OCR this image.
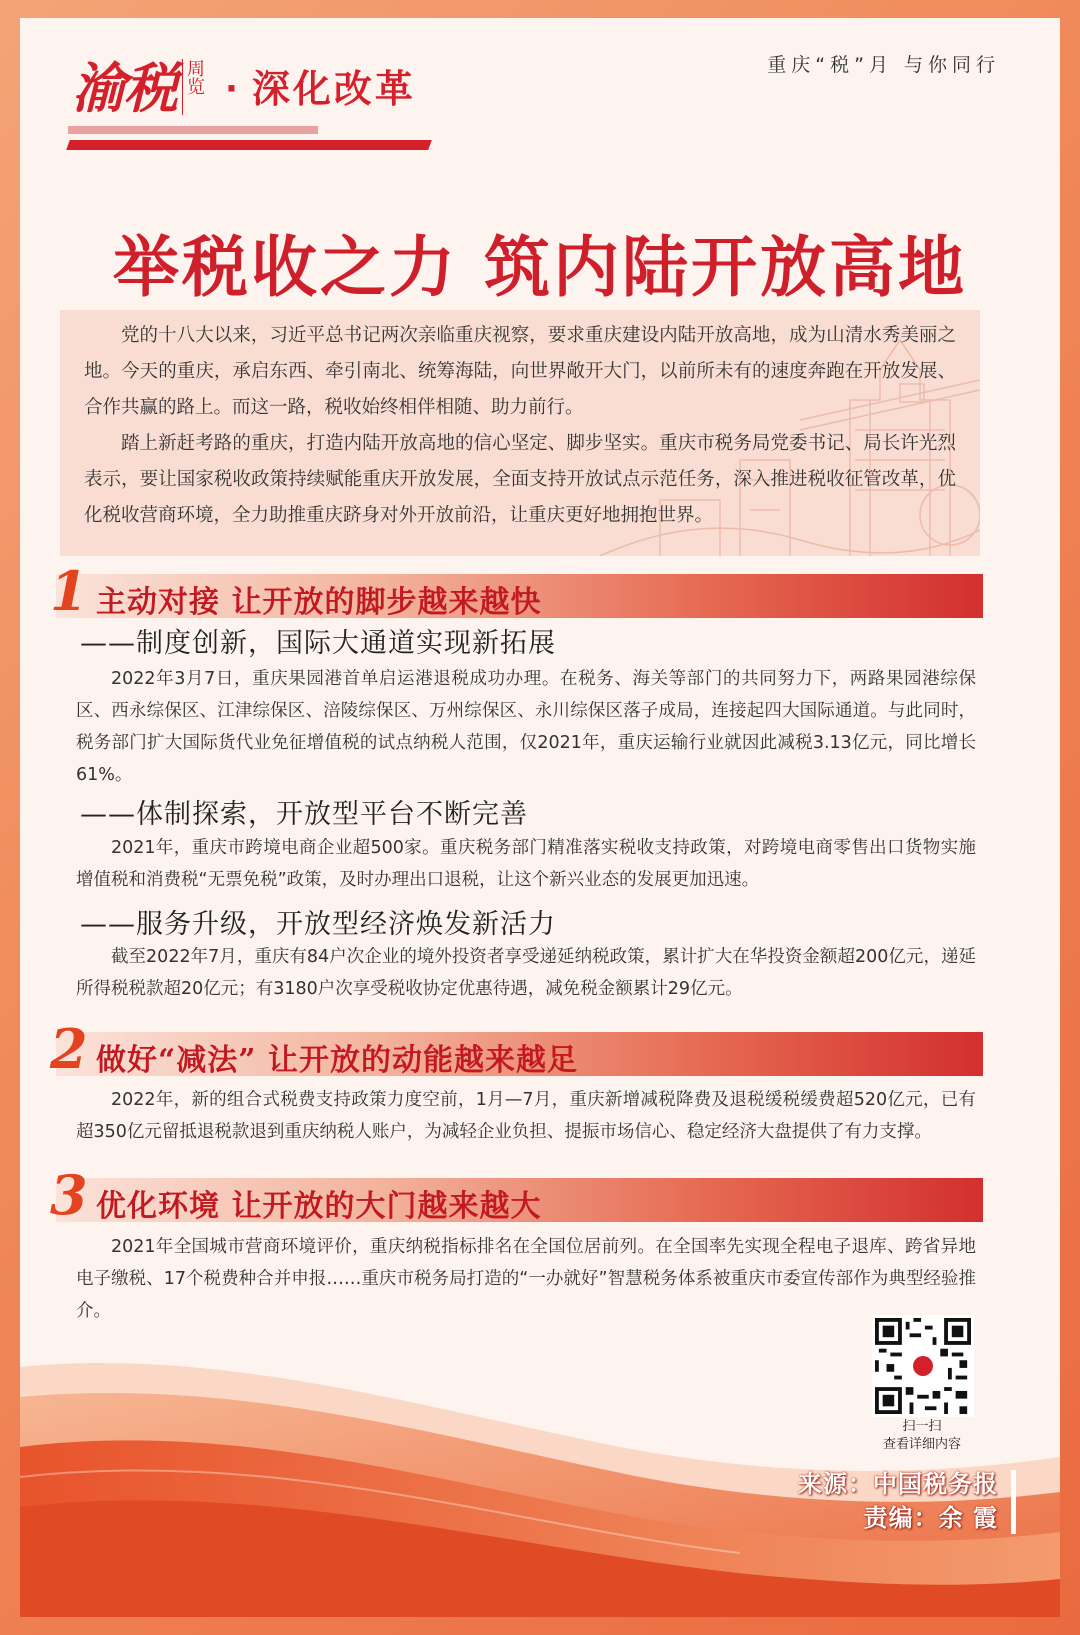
渝税 周览 · 深化改革
重庆“税”月 与你同行
举税收之力 筑内陆开放高地

党的十八大以来，习近平总书记两次亲临重庆视察，要求重庆建设内陆开放高地，成为山清水秀美丽之地。今天的重庆，承启东西、牵引南北、统筹海陆，向世界敞开大门，以前所未有的速度奔跑在开放发展、合作共赢的路上。而这一路，税收始终相伴相随、助力前行。

踏上新赶考路的重庆，打造内陆开放高地的信心坚定、脚步坚实。重庆市税务局党委书记、局长许光烈表示，要让国家税收政策持续赋能重庆开放发展，全面支持开放试点示范任务，深入推进税收征管改革，优化税收营商环境，全力助推重庆跻身对外开放前沿，让重庆更好地拥抱世界。

1 主动对接 让开放的脚步越来越快
——制度创新，国际大通道实现新拓展

2022年3月7日，重庆果园港首单启运港退税成功办理。在税务、海关等部门的共同努力下，两路果园港综保区、西永综保区、江津综保区、涪陵综保区、万州综保区、永川综保区落子成局，连接起四大国际通道。与此同时，税务部门扩大国际货代业免征增值税的试点纳税人范围，仅2021年，重庆运输行业就因此减税3.13亿元，同比增长61%。

——体制探索，开放型平台不断完善

2021年，重庆市跨境电商企业超500家。重庆税务部门精准落实税收支持政策，对跨境电商零售出口货物实施增值税和消费税“无票免税”政策，及时办理出口退税，让这个新兴业态的发展更加迅速。

——服务升级，开放型经济焕发新活力

截至2022年7月，重庆有84户次企业的境外投资者享受递延纳税政策，累计扩大在华投资金额超200亿元，递延所得税税款超20亿元；有3180户次享受税收协定优惠待遇，减免税金额累计29亿元。

2 做好“减法” 让开放的动能越来越足

2022年，新的组合式税费支持政策力度空前，1月—7月，重庆新增减税降费及退税缓税缓费超520亿元，已有超350亿元留抵退税款退到重庆纳税人账户，为减轻企业负担、提振市场信心、稳定经济大盘提供了有力支撑。

3 优化环境 让开放的大门越来越大

2021年全国城市营商环境评价，重庆纳税指标排名在全国位居前列。在全国率先实现全程电子退库、跨省异地电子缴税、17个税费种合并申报……重庆市税务局打造的“一办就好”智慧税务体系被重庆市委宣传部作为典型经验推介。

扫一扫
查看详细内容
来源：中国税务报
责编：余 霞
